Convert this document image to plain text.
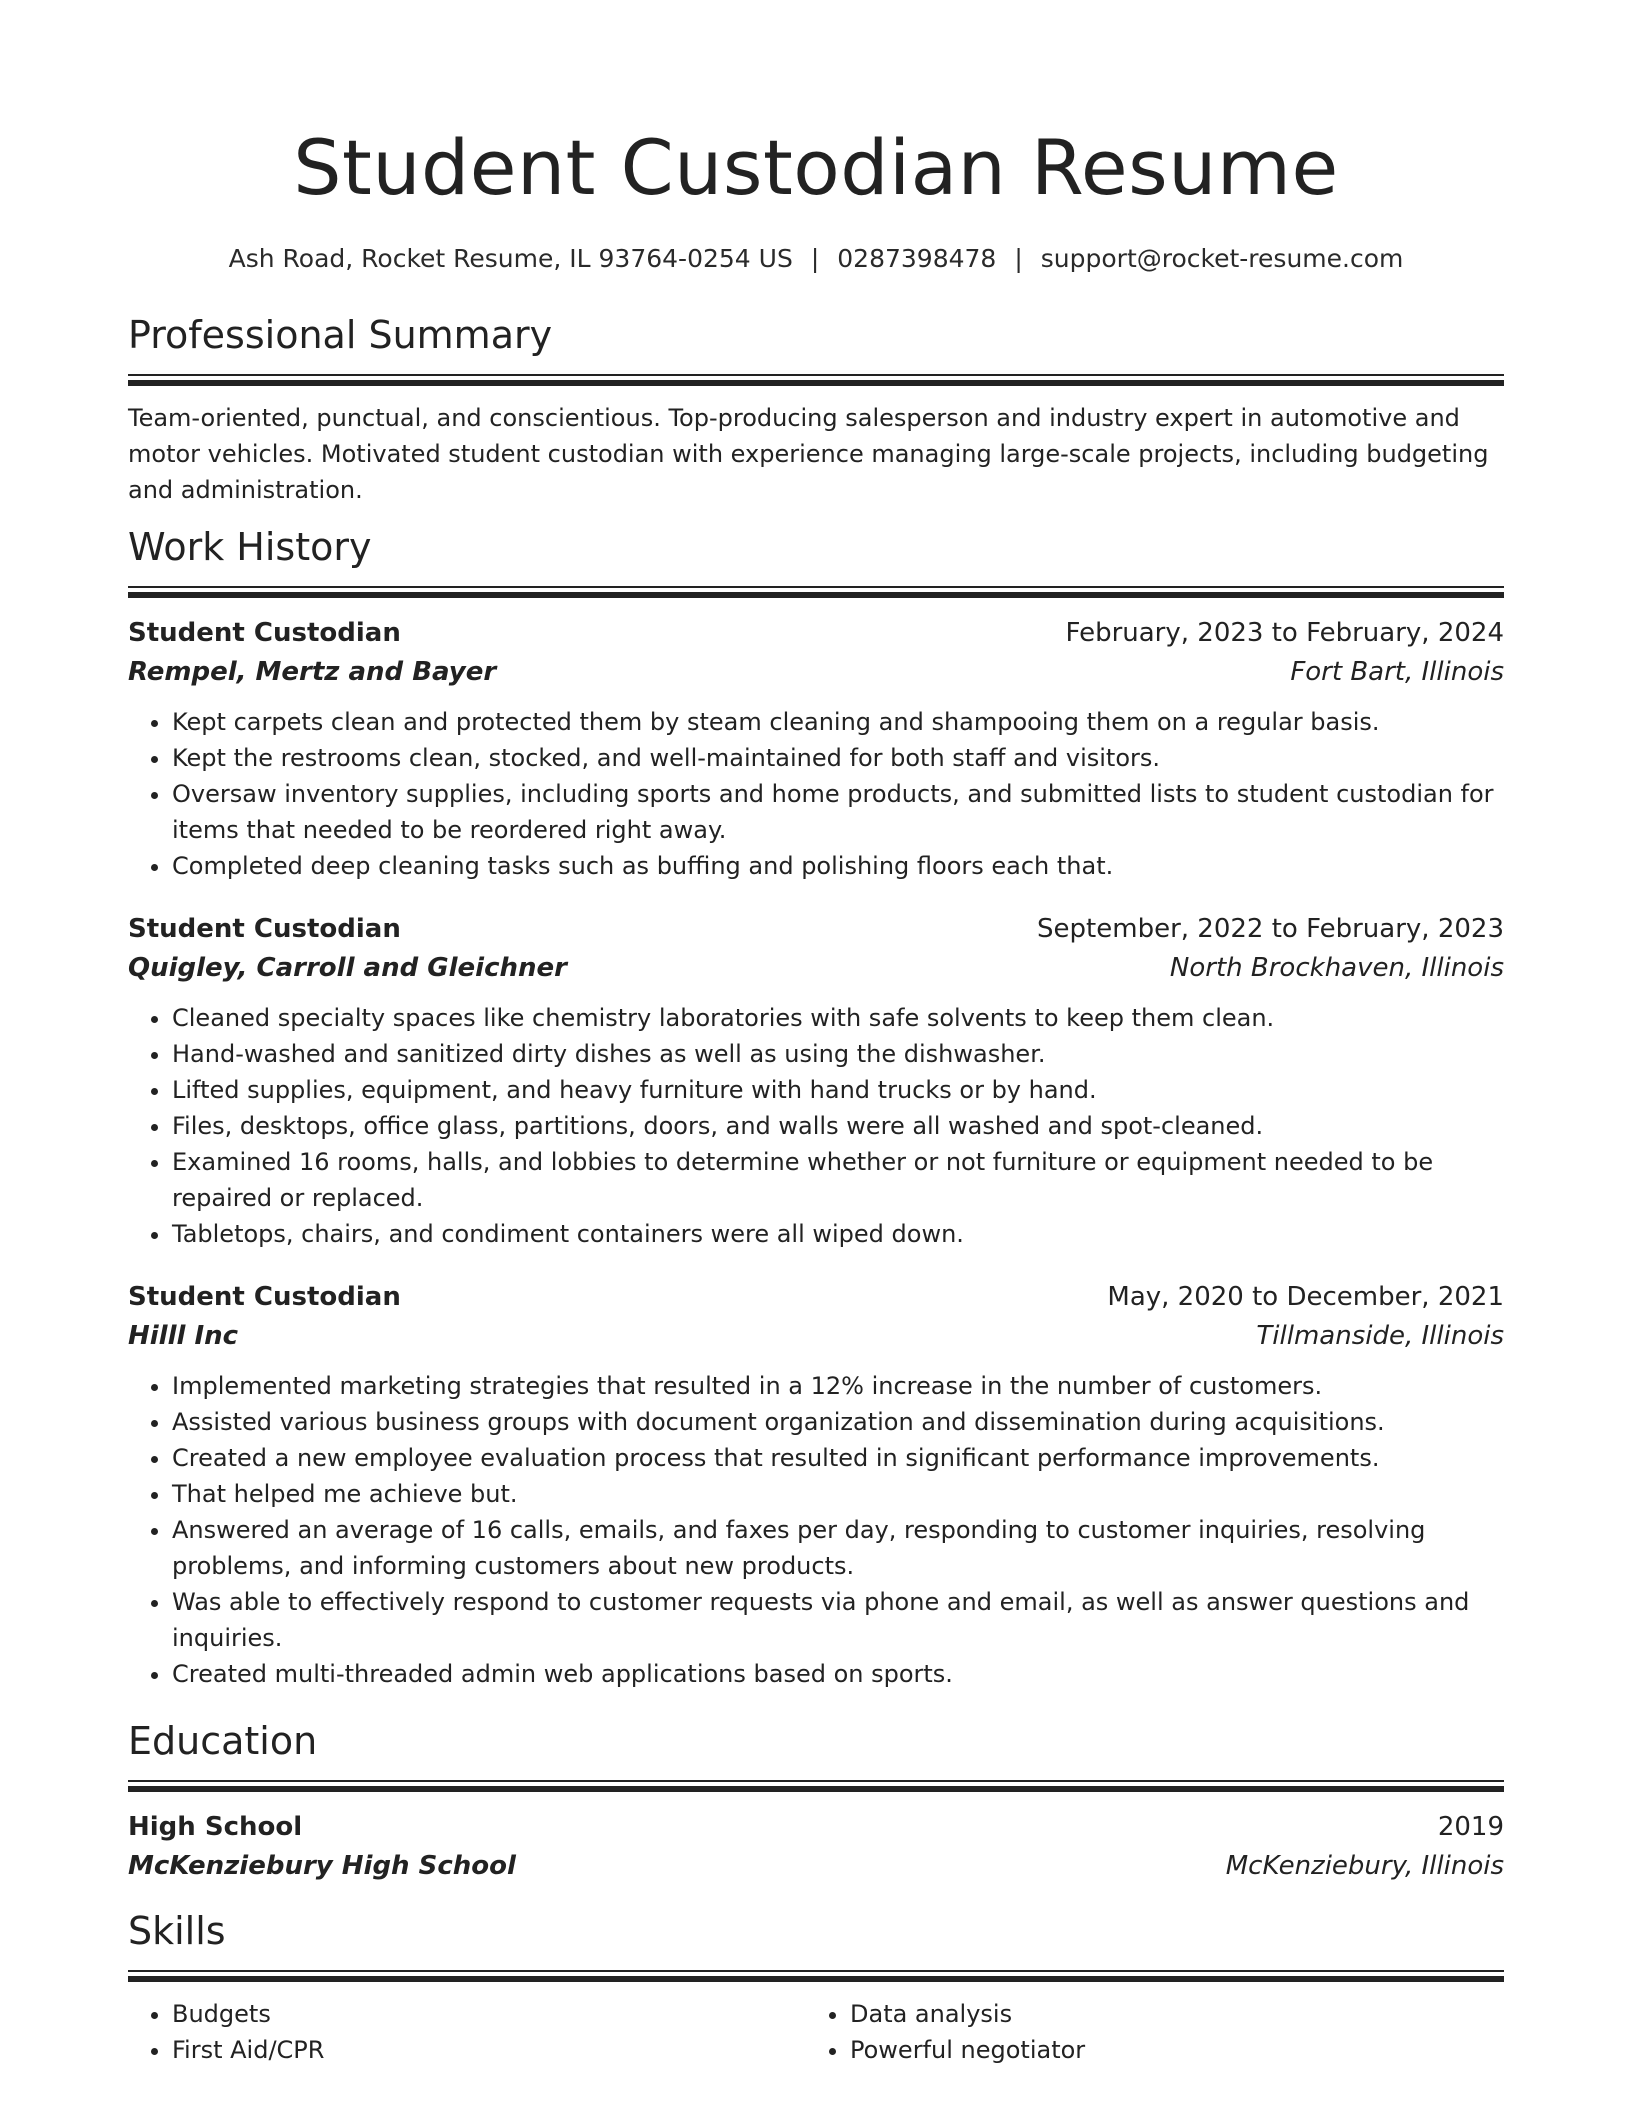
Student Custodian Resume
Ash Road, Rocket Resume, IL 93764-0254 US | 0287398478 | support@rocket-resume.com
Professional Summary
Team-oriented, punctual, and conscientious. Top-producing salesperson and industry expert in automotive and motor vehicles. Motivated student custodian with experience managing large-scale projects, including budgeting and administration.
Work History
Student Custodian	February, 2023 to February, 2024
Rempel, Mertz and Bayer	Fort Bart, Illinois
• Kept carpets clean and protected them by steam cleaning and shampooing them on a regular basis.
• Kept the restrooms clean, stocked, and well-maintained for both staff and visitors.
• Oversaw inventory supplies, including sports and home products, and submitted lists to student custodian for items that needed to be reordered right away.
• Completed deep cleaning tasks such as buffing and polishing floors each that.
Student Custodian	September, 2022 to February, 2023
Quigley, Carroll and Gleichner	North Brockhaven, Illinois
• Cleaned specialty spaces like chemistry laboratories with safe solvents to keep them clean.
• Hand-washed and sanitized dirty dishes as well as using the dishwasher.
• Lifted supplies, equipment, and heavy furniture with hand trucks or by hand.
• Files, desktops, office glass, partitions, doors, and walls were all washed and spot-cleaned.
• Examined 16 rooms, halls, and lobbies to determine whether or not furniture or equipment needed to be repaired or replaced.
• Tabletops, chairs, and condiment containers were all wiped down.
Student Custodian	May, 2020 to December, 2021
Hilll Inc	Tillmanside, Illinois
• Implemented marketing strategies that resulted in a 12% increase in the number of customers.
• Assisted various business groups with document organization and dissemination during acquisitions.
• Created a new employee evaluation process that resulted in significant performance improvements.
• That helped me achieve but.
• Answered an average of 16 calls, emails, and faxes per day, responding to customer inquiries, resolving problems, and informing customers about new products.
• Was able to effectively respond to customer requests via phone and email, as well as answer questions and inquiries.
• Created multi-threaded admin web applications based on sports.
Education
High School	2019
McKenziebury High School	McKenziebury, Illinois
Skills
• Budgets
• First Aid/CPR
• Data analysis
• Powerful negotiator
